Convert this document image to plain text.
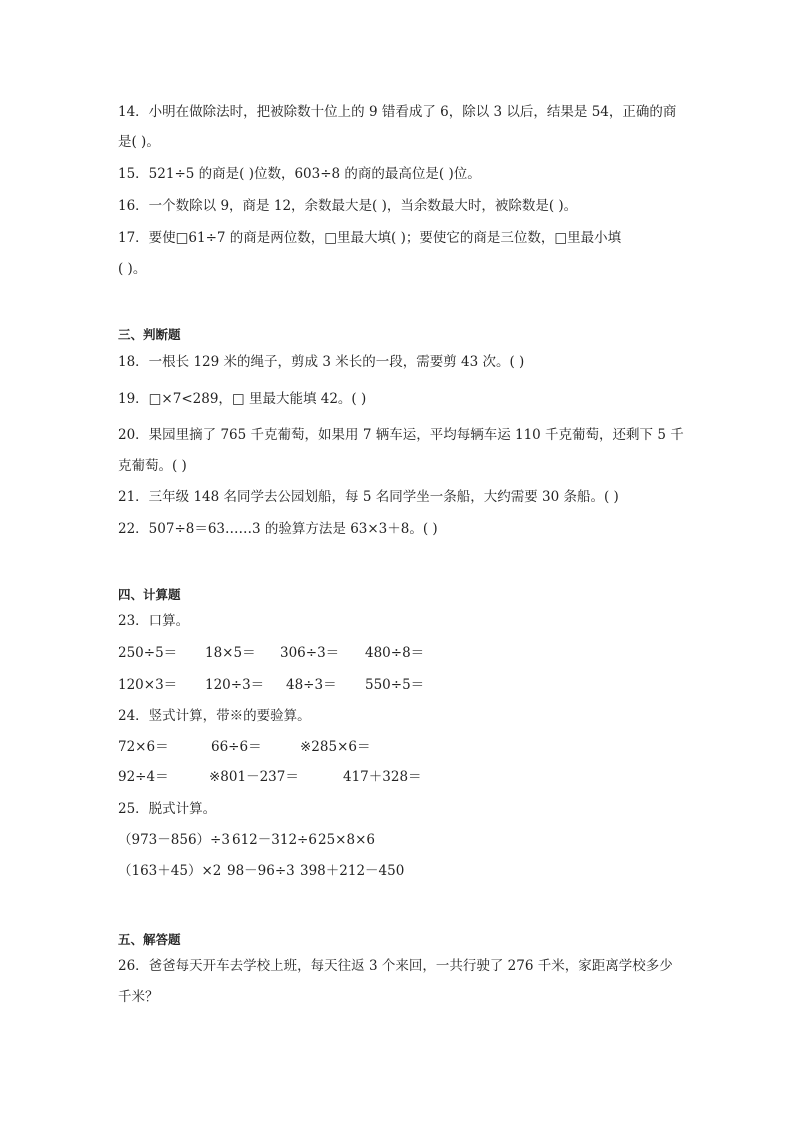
14．小明在做除法时，把被除数十位上的 9 错看成了 6，除以 3 以后，结果是 54，正确的商
是( )。
15．521÷5 的商是( )位数，603÷8 的商的最高位是( )位。
16．一个数除以 9，商是 12，余数最大是( )，当余数最大时，被除数是( )。
17．要使□61÷7 的商是两位数，□里最大填( )；要使它的商是三位数，□里最小填
( )。
三、判断题
18．一根长 129 米的绳子，剪成 3 米长的一段，需要剪 43 次。( )
19．□×7<289，□ 里最大能填 42。( )
20．果园里摘了 765 千克葡萄，如果用 7 辆车运，平均每辆车运 110 千克葡萄，还剩下 5 千
克葡萄。( )
21．三年级 148 名同学去公园划船，每 5 名同学坐一条船，大约需要 30 条船。( )
22．507÷8＝63……3 的验算方法是 63×3＋8。( )
四、计算题
23．口算。
250÷5＝ 18×5＝ 306÷3＝ 480÷8＝
120×3＝ 120÷3＝ 48÷3＝ 550÷5＝
24．竖式计算，带※的要验算。
72×6＝	66÷6＝	※285×6＝
92÷4＝	※801－237＝	417＋328＝
25．脱式计算。
（973－856）÷3 612－312÷6 25×8×6
（163＋45）×2 98－96÷3 398＋212－450
五、解答题
26．爸爸每天开车去学校上班，每天往返 3 个来回，一共行驶了 276 千米，家距离学校多少
千米？
